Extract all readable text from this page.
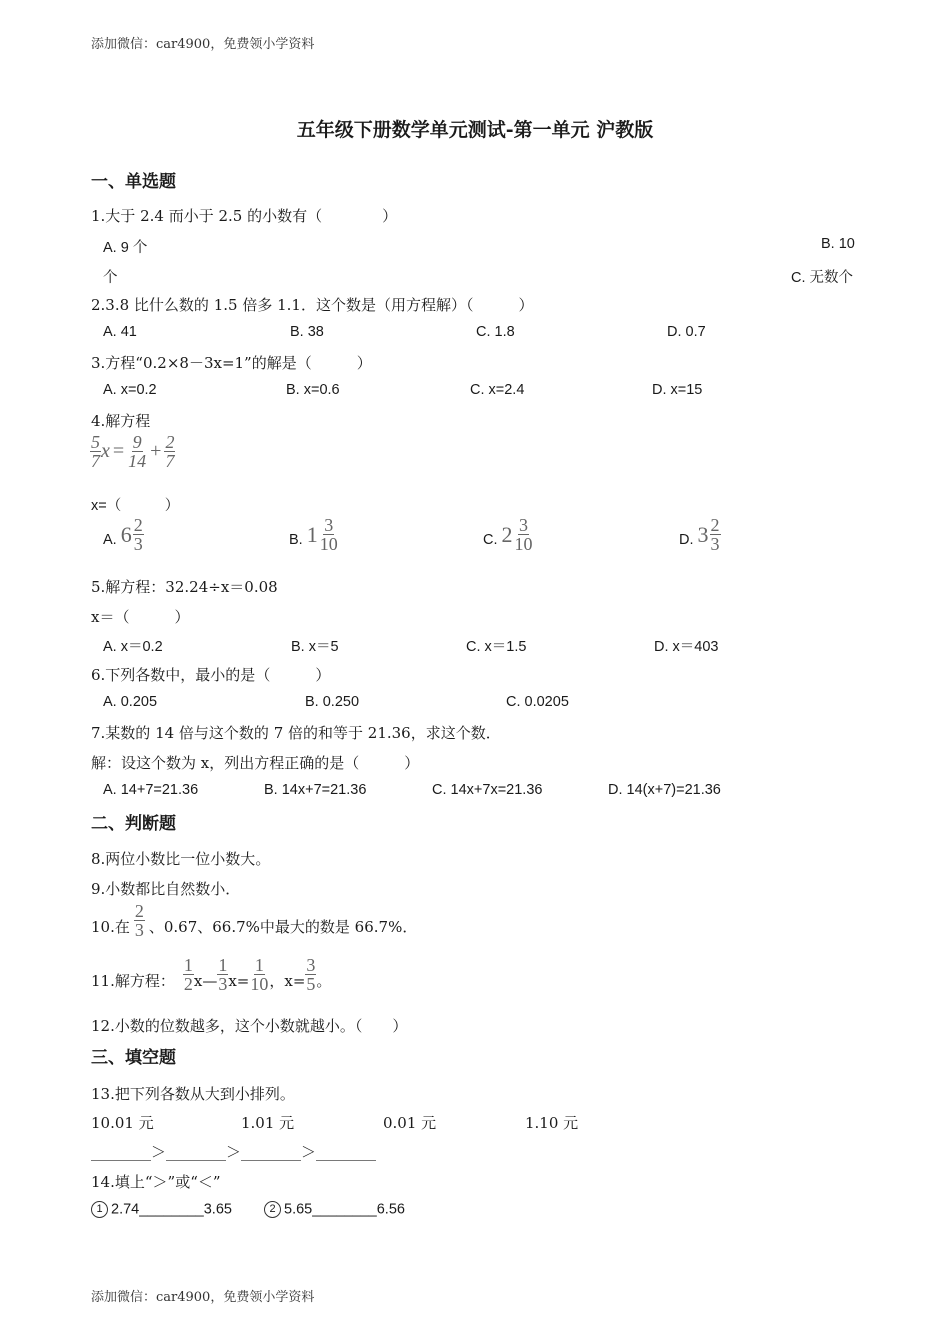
添加微信：car4900，免费领小学资料
五年级下册数学单元测试-第一单元 沪教版
一、单选题
1.大于 2.4 而小于 2.5 的小数有（　　　　）
A. 9 个	B. 10
个	C. 无数个
2.3.8 比什么数的 1.5 倍多 1.1．这个数是（用方程解）（　　　）
A. 41	B. 38	C. 1.8	D. 0.7
3.方程“0.2×8－3x=1”的解是（　　　）
A. x=0.2	B. x=0.6	C. x=2.4	D. x=15
4.解方程
$\frac{5}{7}$ $x = \frac{9}{14} + \frac{2}{7}$
x=（　　　）
A. $6 \frac{2}{3}$	B. $1 \frac{3}{10}$	C. $2 \frac{3}{10}$	D. $3 \frac{2}{3}$
5.解方程：32.24÷x＝0.08
x＝（　　　）
A. x＝0.2	B. x＝5	C. x＝1.5	D. x＝403
6.下列各数中，最小的是（　　　）
A. 0.205	B. 0.250	C. 0.0205
7.某数的 14 倍与这个数的 7 倍的和等于 21.36，求这个数．
解：设这个数为 x，列出方程正确的是（　　　）
A. 14+7=21.36	B. 14x+7=21.36	C. 14x+7x=21.36	D. 14(x+7)=21.36
二、判断题
8.两位小数比一位小数大。
9.小数都比自然数小．
10.在 $\frac{2}{3}$ 、0.67、66.7%中最大的数是 66.7%．
11.解方程： $\frac{1}{2}$ x— $\frac{1}{3} x= \frac{1}{10}$ ，$x= \frac{3}{5}$ 。
12.小数的位数越多，这个小数就越小。（　　）
三、填空题
13.把下列各数从大到小排列。
10.01 元	1.01 元	0.01 元	1.10 元
________＞________＞________＞________
14.填上“＞”或“＜”
1 2.74________3.65	2 5.65________6.56
添加微信：car4900，免费领小学资料
